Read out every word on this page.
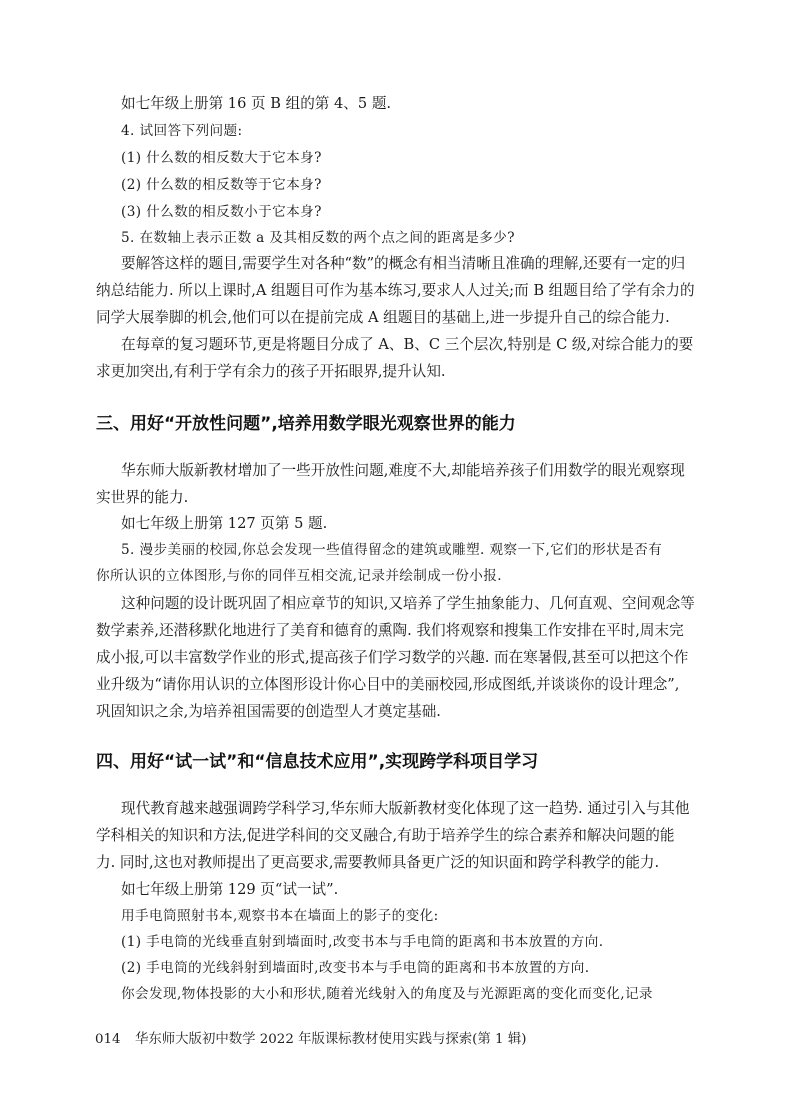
如七年级上册第 16 页 B 组的第 4、5 题.
4. 试回答下列问题:
(1) 什么数的相反数大于它本身?
(2) 什么数的相反数等于它本身?
(3) 什么数的相反数小于它本身?
5. 在数轴上表示正数 a 及其相反数的两个点之间的距离是多少?
要解答这样的题目,需要学生对各种“数”的概念有相当清晰且准确的理解,还要有一定的归
纳总结能力. 所以上课时,A 组题目可作为基本练习,要求人人过关;而 B 组题目给了学有余力的
同学大展拳脚的机会,他们可以在提前完成 A 组题目的基础上,进一步提升自己的综合能力.
在每章的复习题环节,更是将题目分成了 A、B、C 三个层次,特别是 C 级,对综合能力的要
求更加突出,有利于学有余力的孩子开拓眼界,提升认知.
三、用好“开放性问题”,培养用数学眼光观察世界的能力
华东师大版新教材增加了一些开放性问题,难度不大,却能培养孩子们用数学的眼光观察现
实世界的能力.
如七年级上册第 127 页第 5 题.
5. 漫步美丽的校园,你总会发现一些值得留念的建筑或雕塑. 观察一下,它们的形状是否有
你所认识的立体图形,与你的同伴互相交流,记录并绘制成一份小报.
这种问题的设计既巩固了相应章节的知识,又培养了学生抽象能力、几何直观、空间观念等
数学素养,还潜移默化地进行了美育和德育的熏陶. 我们将观察和搜集工作安排在平时,周末完
成小报,可以丰富数学作业的形式,提高孩子们学习数学的兴趣. 而在寒暑假,甚至可以把这个作
业升级为“请你用认识的立体图形设计你心目中的美丽校园,形成图纸,并谈谈你的设计理念”,
巩固知识之余,为培养祖国需要的创造型人才奠定基础.
四、用好“试一试”和“信息技术应用”,实现跨学科项目学习
现代教育越来越强调跨学科学习,华东师大版新教材变化体现了这一趋势. 通过引入与其他
学科相关的知识和方法,促进学科间的交叉融合,有助于培养学生的综合素养和解决问题的能
力. 同时,这也对教师提出了更高要求,需要教师具备更广泛的知识面和跨学科教学的能力.
如七年级上册第 129 页“试一试”.
用手电筒照射书本,观察书本在墙面上的影子的变化:
(1) 手电筒的光线垂直射到墙面时,改变书本与手电筒的距离和书本放置的方向.
(2) 手电筒的光线斜射到墙面时,改变书本与手电筒的距离和书本放置的方向.
你会发现,物体投影的大小和形状,随着光线射入的角度及与光源距离的变化而变化,记录
014 华东师大版初中数学 2022 年版课标教材使用实践与探索(第 1 辑)
